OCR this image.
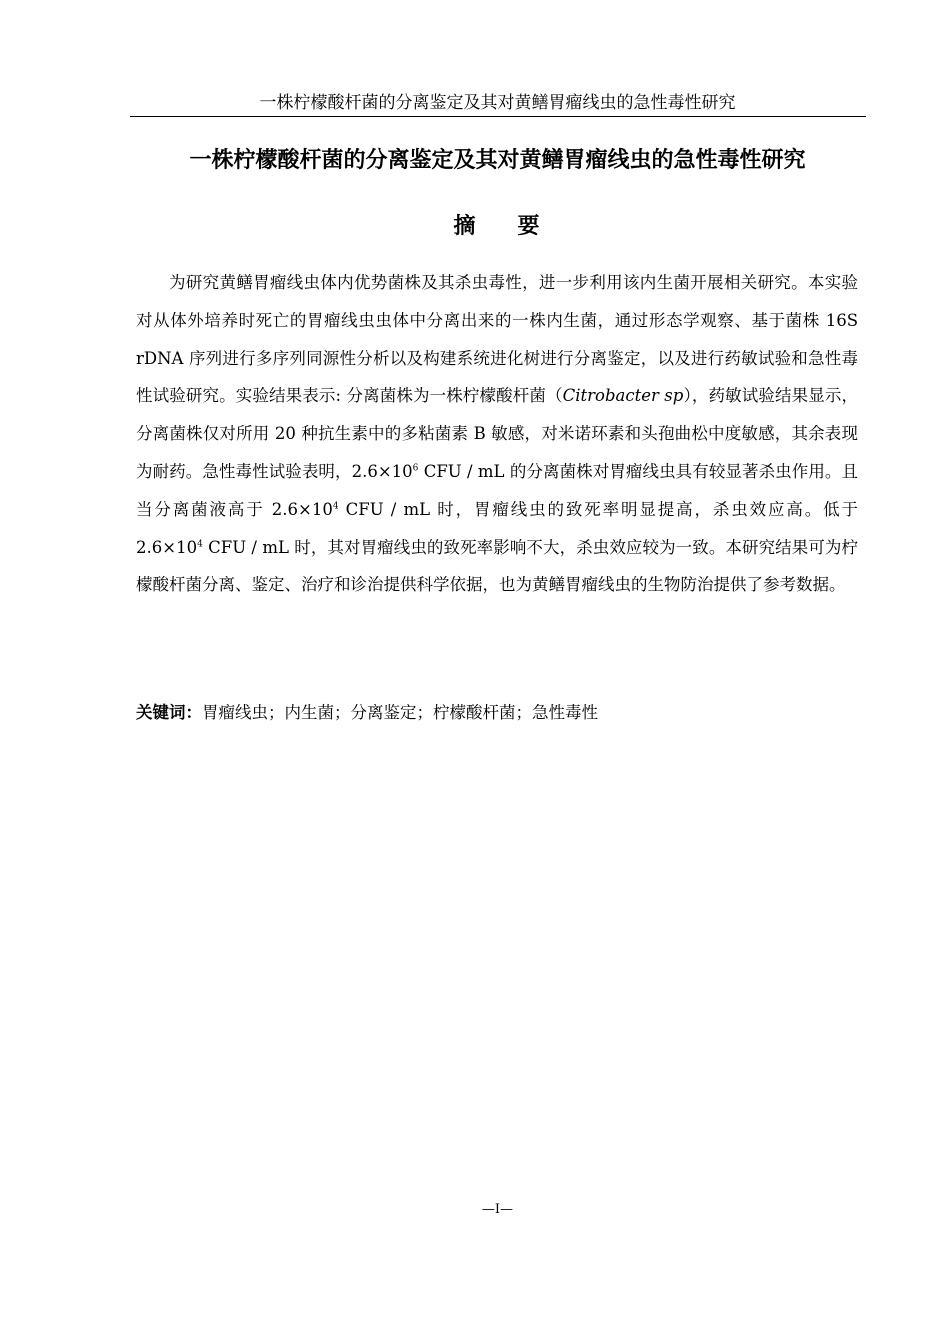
一株柠檬酸杆菌的分离鉴定及其对黄鳝胃瘤线虫的急性毒性研究
一株柠檬酸杆菌的分离鉴定及其对黄鳝胃瘤线虫的急性毒性研究
摘 要

为研究黄鳝胃瘤线虫体内优势菌株及其杀虫毒性，进一步利用该内生菌开展相关研究。本实验对从体外培养时死亡的胃瘤线虫虫体中分离出来的一株内生菌，通过形态学观察、基于菌株 16S rDNA 序列进行多序列同源性分析以及构建系统进化树进行分离鉴定，以及进行药敏试验和急性毒性试验研究。实验结果表示: 分离菌株为一株柠檬酸杆菌（Citrobacter sp），药敏试验结果显示，分离菌株仅对所用 20 种抗生素中的多粘菌素 B 敏感，对米诺环素和头孢曲松中度敏感，其余表现为耐药。急性毒性试验表明，$2.6\times 10^6$ CFU / mL 的分离菌株对胃瘤线虫具有较显著杀虫作用。且当分离菌液高于 $2.6\times 10^4$ CFU / mL 时，胃瘤线虫的致死率明显提高，杀虫效应高。低于 $2.6\times 10^4$ CFU / mL 时，其对胃瘤线虫的致死率影响不大，杀虫效应较为一致。本研究结果可为柠檬酸杆菌分离、鉴定、治疗和诊治提供科学依据，也为黄鳝胃瘤线虫的生物防治提供了参考数据。

关键词：胃瘤线虫；内生菌；分离鉴定；柠檬酸杆菌；急性毒性
—I—
